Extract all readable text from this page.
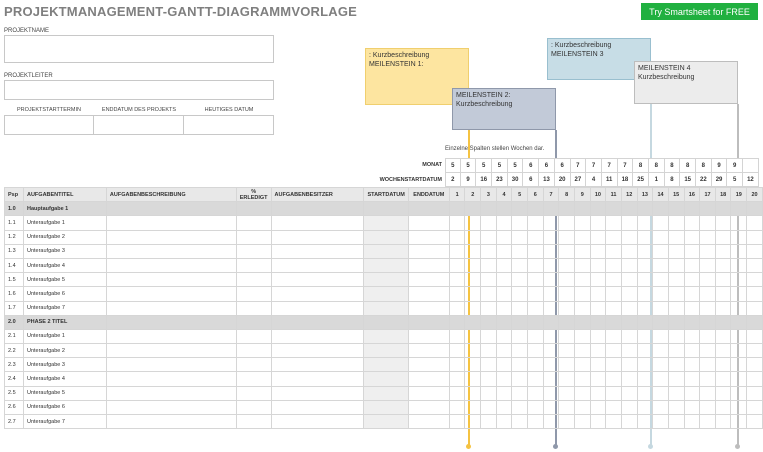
PROJEKTMANAGEMENT-GANTT-DIAGRAMMVORLAGE	Try Smartsheet for FREE
PROJEKTNAME
PROJEKTLEITER
PROJEKTSTARTTERMIN	ENDDATUM DES PROJEKTS	HEUTIGES DATUM
: Kurzbeschreibung
MEILENSTEIN 1:
MEILENSTEIN 2:
Kurzbeschreibung
: Kurzbeschreibung
MEILENSTEIN 3
MEILENSTEIN 4
Kurzbeschreibung
Einzelne Spalten stellen Wochen dar.
MONAT
WOCHENSTARTDATUM
5	5	5	5	5	6	6	6	7	7	7	7	8	8	8	8	8	9	9
2	9	16	23	30	6	13	20	27	4	11	18	25	1	8	15	22	29	5	12
Psp	AUFGABENTITEL	AUFGABENBESCHREIBUNG	% ERLEDIGT	AUFGABENBESITZER	STARTDATUM	ENDDATUM	1	2	3	4	5	6	7	8	9	10	11	12	13	14	15	16	17	18	19	20
1.0	Hauptaufgabe 1																									
1.1	Unteraufgabe 1																									
1.2	Unteraufgabe 2																									
1.3	Unteraufgabe 3																									
1.4	Unteraufgabe 4																									
1.5	Unteraufgabe 5																									
1.6	Unteraufgabe 6																									
1.7	Unteraufgabe 7																									
2.0	PHASE 2 TITEL																									
2.1	Unteraufgabe 1																									
2.2	Unteraufgabe 2																									
2.3	Unteraufgabe 3																									
2.4	Unteraufgabe 4																									
2.5	Unteraufgabe 5																									
2.6	Unteraufgabe 6																									
2.7	Unteraufgabe 7																									
